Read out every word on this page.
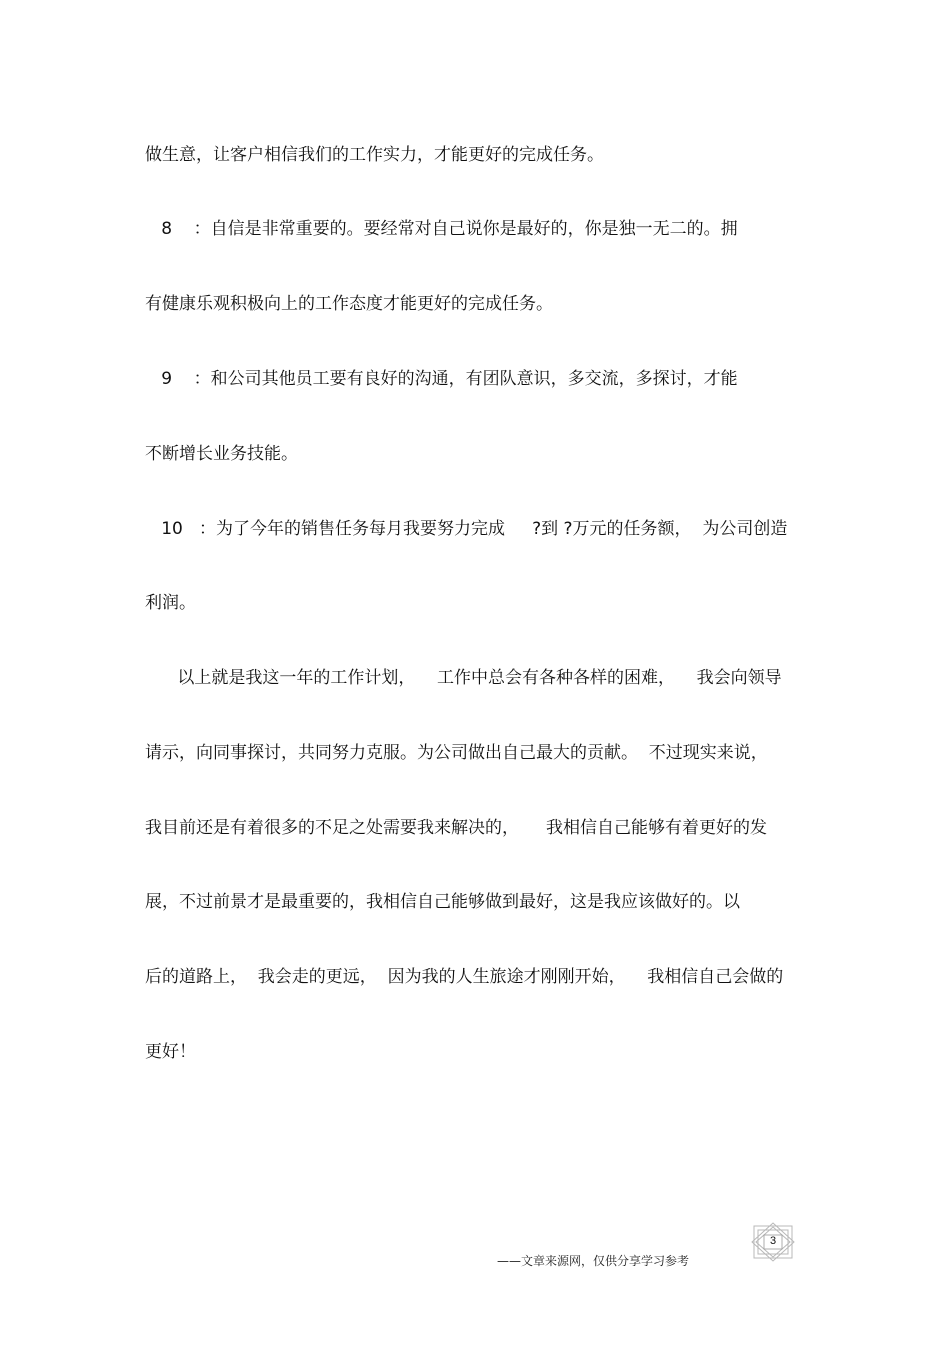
做生意，让客户相信我们的工作实力，才能更好的完成任务。
8    ：自信是非常重要的。要经常对自己说你是最好的，你是独一无二的。拥
有健康乐观积极向上的工作态度才能更好的完成任务。
9    ：和公司其他员工要有良好的沟通，有团队意识，多交流，多探讨，才能
不断增长业务技能。
10   ：为了今年的销售任务每月我要努力完成     ?到 ?万元的任务额，  为公司创造
利润。
以上就是我这一年的工作计划，    工作中总会有各种各样的困难，    我会向领导
请示，向同事探讨，共同努力克服。为公司做出自己最大的贡献。  不过现实来说，
我目前还是有着很多的不足之处需要我来解决的，     我相信自己能够有着更好的发
展，不过前景才是最重要的，我相信自己能够做到最好，这是我应该做好的。以
后的道路上，  我会走的更远，  因为我的人生旅途才刚刚开始，    我相信自己会做的
更好！
——文章来源网，仅供分享学习参考
3
